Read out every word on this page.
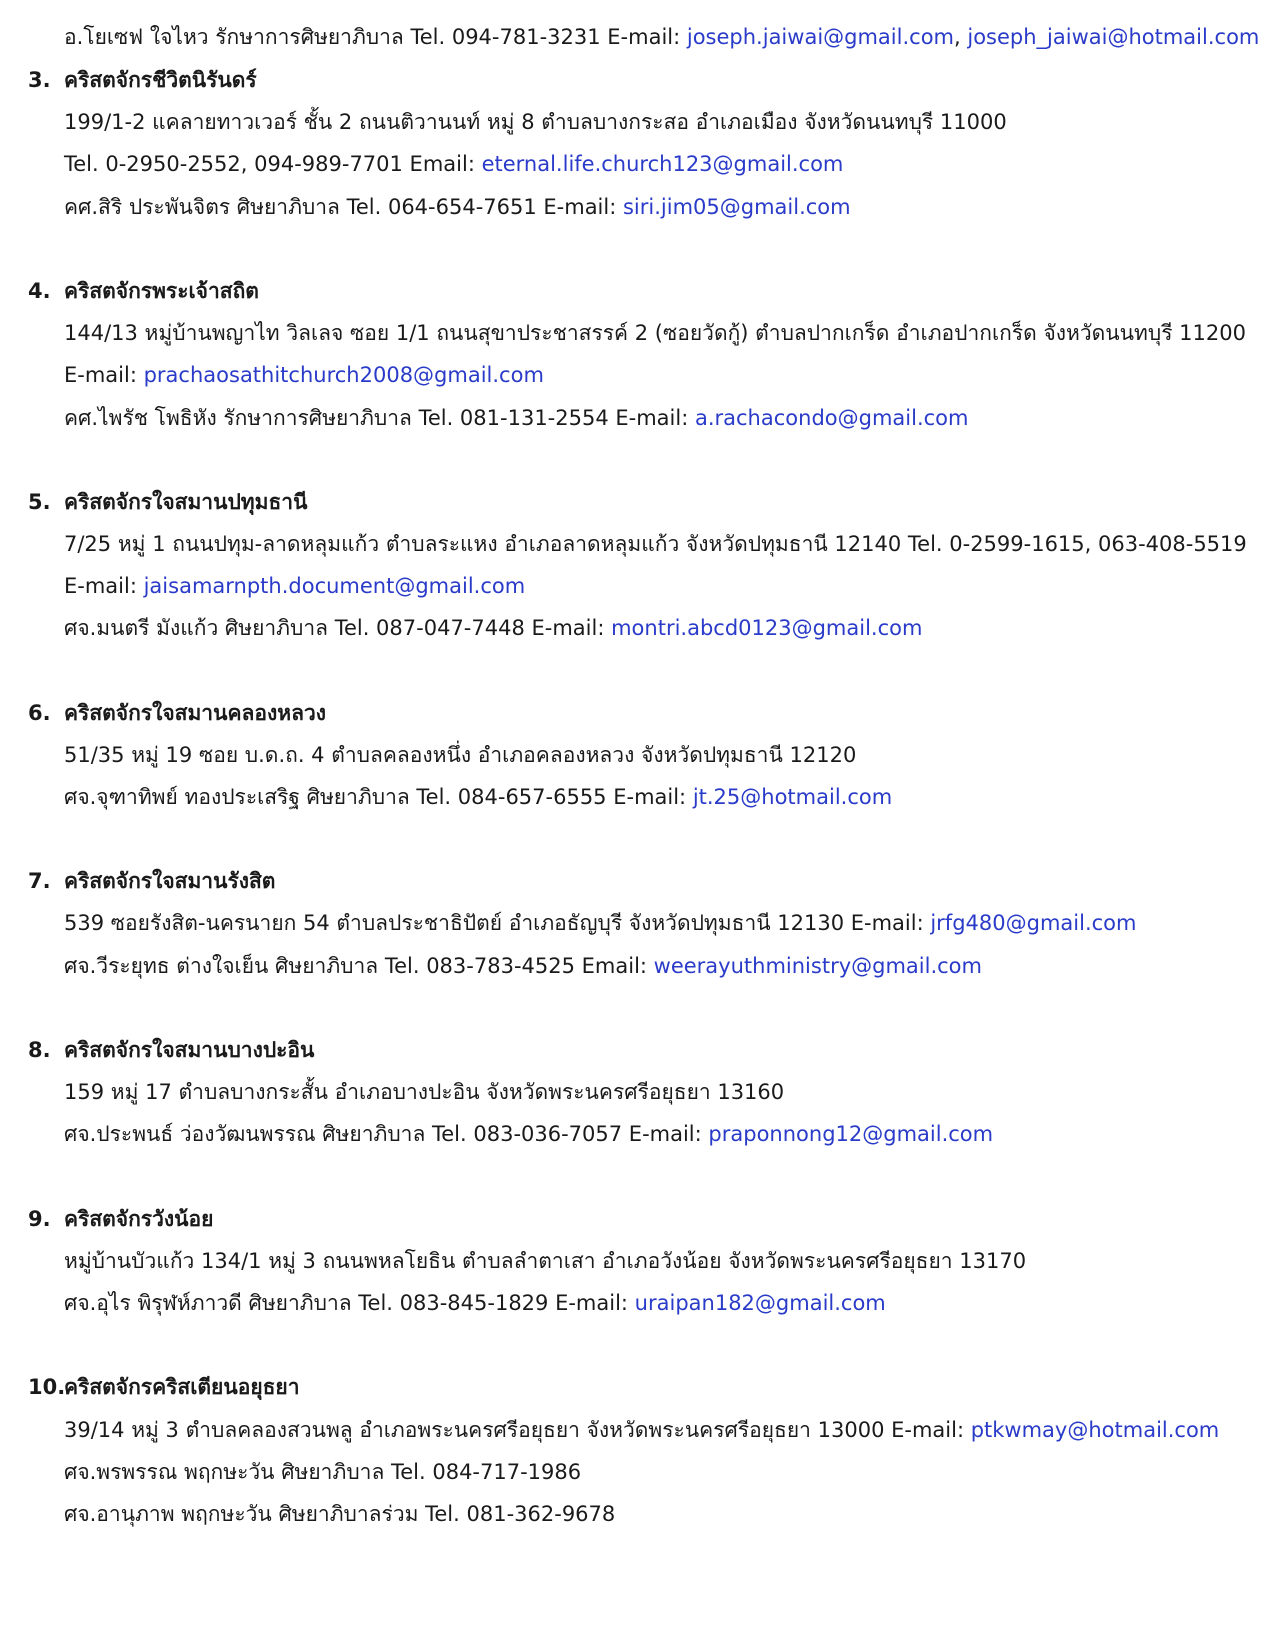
อ.โยเซฟ ใจไหว รักษาการศิษยาภิบาล Tel. 094-781-3231 E-mail: joseph.jaiwai@gmail.com, joseph_jaiwai@hotmail.com
3. คริสตจักรชีวิตนิรันดร์
199/1-2 แคลายทาวเวอร์ ชั้น 2 ถนนติวานนท์ หมู่ 8 ตำบลบางกระสอ อำเภอเมือง จังหวัดนนทบุรี 11000
Tel. 0-2950-2552, 094-989-7701 Email: eternal.life.church123@gmail.com
คศ.สิริ ประพันจิตร ศิษยาภิบาล Tel. 064-654-7651 E-mail: siri.jim05@gmail.com
4. คริสตจักรพระเจ้าสถิต
144/13 หมู่บ้านพญาไท วิลเลจ ซอย 1/1 ถนนสุขาประชาสรรค์ 2 (ซอยวัดกู้) ตำบลปากเกร็ด อำเภอปากเกร็ด จังหวัดนนทบุรี 11200
E-mail: prachaosathitchurch2008@gmail.com
คศ.ไพรัช โพธิหัง รักษาการศิษยาภิบาล Tel. 081-131-2554 E-mail: a.rachacondo@gmail.com
5. คริสตจักรใจสมานปทุมธานี
7/25 หมู่ 1 ถนนปทุม-ลาดหลุมแก้ว ตำบลระแหง อำเภอลาดหลุมแก้ว จังหวัดปทุมธานี 12140 Tel. 0-2599-1615, 063-408-5519
E-mail: jaisamarnpth.document@gmail.com
ศจ.มนตรี มังแก้ว ศิษยาภิบาล Tel. 087-047-7448 E-mail: montri.abcd0123@gmail.com
6. คริสตจักรใจสมานคลองหลวง
51/35 หมู่ 19 ซอย บ.ด.ถ. 4 ตำบลคลองหนึ่ง อำเภอคลองหลวง จังหวัดปทุมธานี 12120
ศจ.จุฑาทิพย์ ทองประเสริฐ ศิษยาภิบาล Tel. 084-657-6555 E-mail: jt.25@hotmail.com
7. คริสตจักรใจสมานรังสิต
539 ซอยรังสิต-นครนายก 54 ตำบลประชาธิปัตย์ อำเภอธัญบุรี จังหวัดปทุมธานี 12130 E-mail: jrfg480@gmail.com
ศจ.วีระยุทธ ต่างใจเย็น ศิษยาภิบาล Tel. 083-783-4525 Email: weerayuthministry@gmail.com
8. คริสตจักรใจสมานบางปะอิน
159 หมู่ 17 ตำบลบางกระสั้น อำเภอบางปะอิน จังหวัดพระนครศรีอยุธยา 13160
ศจ.ประพนธ์ ว่องวัฒนพรรณ ศิษยาภิบาล Tel. 083-036-7057 E-mail: praponnong12@gmail.com
9. คริสตจักรวังน้อย
หมู่บ้านบัวแก้ว 134/1 หมู่ 3 ถนนพหลโยธิน ตำบลลำตาเสา อำเภอวังน้อย จังหวัดพระนครศรีอยุธยา 13170
ศจ.อุไร พิรุฬห์ภาวดี ศิษยาภิบาล Tel. 083-845-1829 E-mail: uraipan182@gmail.com
10.คริสตจักรคริสเตียนอยุธยา
39/14 หมู่ 3 ตำบลคลองสวนพลู อำเภอพระนครศรีอยุธยา จังหวัดพระนครศรีอยุธยา 13000 E-mail: ptkwmay@hotmail.com
ศจ.พรพรรณ พฤกษะวัน ศิษยาภิบาล Tel. 084-717-1986
ศจ.อานุภาพ พฤกษะวัน ศิษยาภิบาลร่วม Tel. 081-362-9678
